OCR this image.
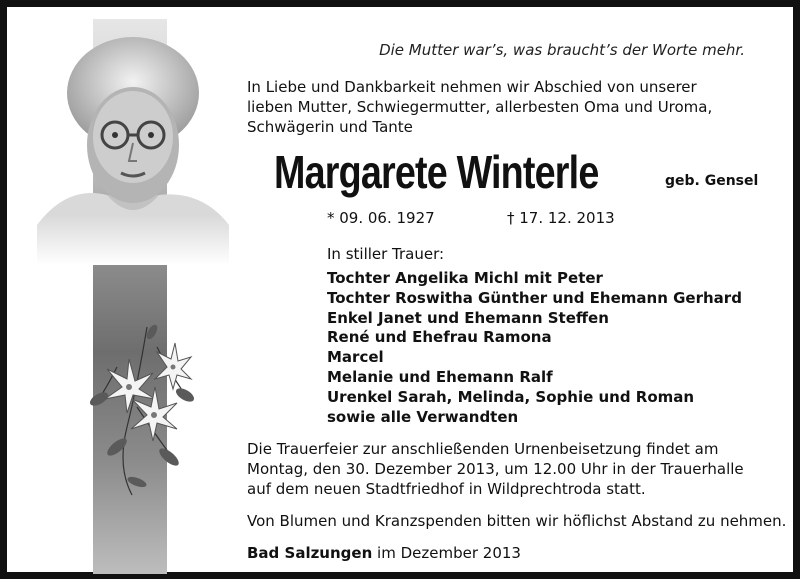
Die Mutter war’s, was braucht’s der Worte mehr.

In Liebe und Dankbarkeit nehmen wir Abschied von unserer

lieben Mutter, Schwiegermutter, allerbesten Oma und Uroma,

Schwägerin und Tante

Margarete Winterle	geb. Gensel
* 09. 06. 1927	† 17. 12. 2013
In stiller Trauer:
Tochter Angelika Michl mit Peter
Tochter Roswitha Günther und Ehemann Gerhard
Enkel Janet und Ehemann Steffen
René und Ehefrau Ramona
Marcel
Melanie und Ehemann Ralf
Urenkel Sarah, Melinda, Sophie und Roman
sowie alle Verwandten

Die Trauerfeier zur anschließenden Urnenbeisetzung findet am

Montag, den 30. Dezember 2013, um 12.00 Uhr in der Trauerhalle

auf dem neuen Stadtfriedhof in Wildprechtroda statt.

Von Blumen und Kranzspenden bitten wir höflichst Abstand zu nehmen.
Bad Salzungen im Dezember 2013
